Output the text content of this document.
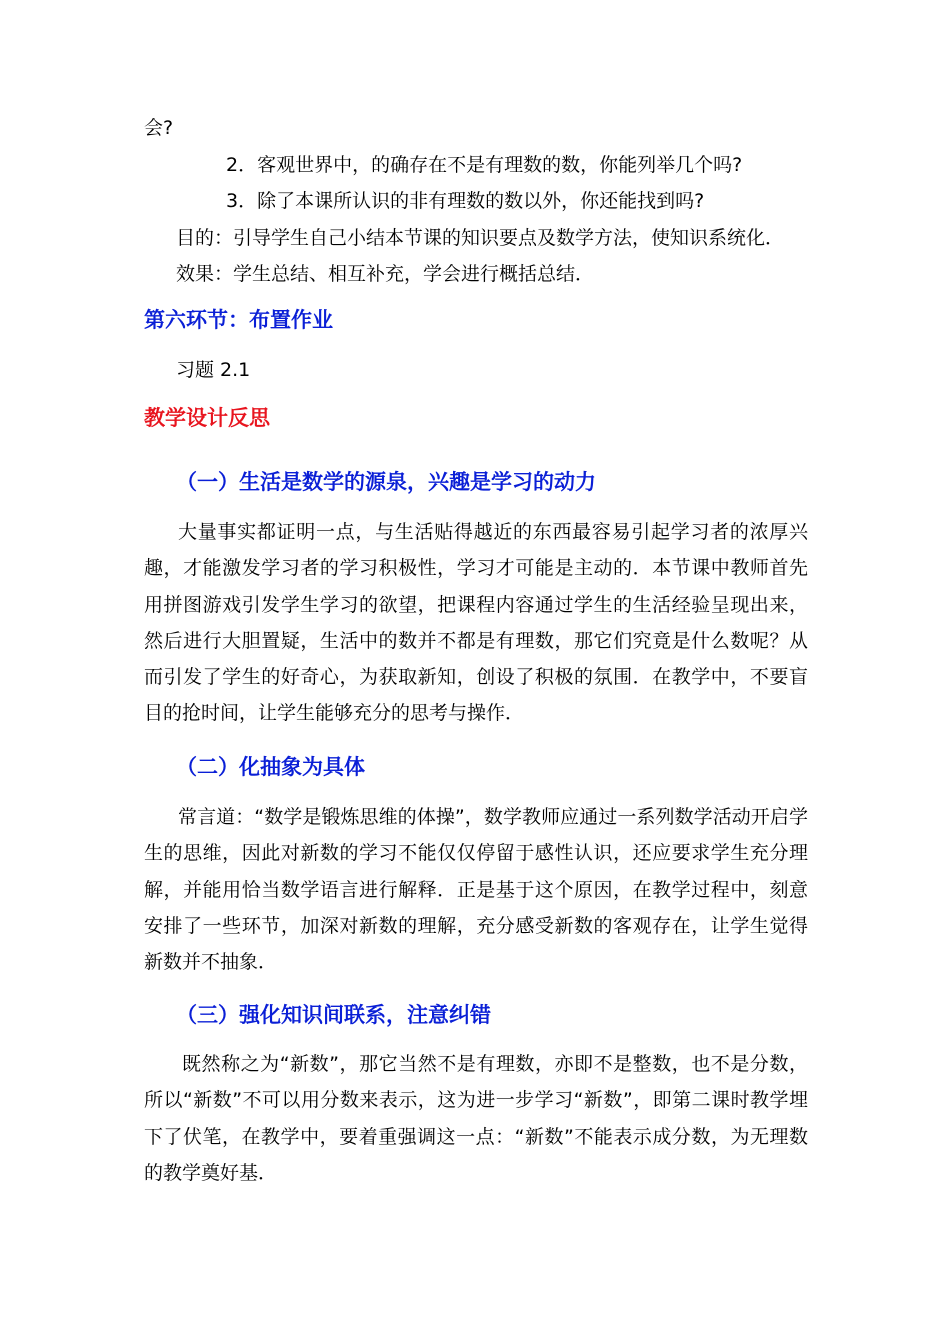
会?
2．客观世界中，的确存在不是有理数的数，你能列举几个吗?
3．除了本课所认识的非有理数的数以外，你还能找到吗?
目的：引导学生自己小结本节课的知识要点及数学方法，使知识系统化．
效果：学生总结、相互补充，学会进行概括总结．
第六环节：布置作业
习题 2.1
教学设计反思
（一）生活是数学的源泉，兴趣是学习的动力
大量事实都证明一点，与生活贴得越近的东西最容易引起学习者的浓厚兴趣，才能激发学习者的学习积极性，学习才可能是主动的．本节课中教师首先用拼图游戏引发学生学习的欲望，把课程内容通过学生的生活经验呈现出来，然后进行大胆置疑，生活中的数并不都是有理数，那它们究竟是什么数呢？从而引发了学生的好奇心，为获取新知，创设了积极的氛围．在教学中，不要盲目的抢时间，让学生能够充分的思考与操作．
（二）化抽象为具体
常言道：“数学是锻炼思维的体操”，数学教师应通过一系列数学活动开启学生的思维，因此对新数的学习不能仅仅停留于感性认识，还应要求学生充分理解，并能用恰当数学语言进行解释．正是基于这个原因，在教学过程中，刻意安排了一些环节，加深对新数的理解，充分感受新数的客观存在，让学生觉得新数并不抽象．
（三）强化知识间联系，注意纠错
既然称之为“新数”，那它当然不是有理数，亦即不是整数，也不是分数，所以“新数”不可以用分数来表示，这为进一步学习“新数”，即第二课时教学埋下了伏笔，在教学中，要着重强调这一点：“新数”不能表示成分数，为无理数的教学奠好基．
